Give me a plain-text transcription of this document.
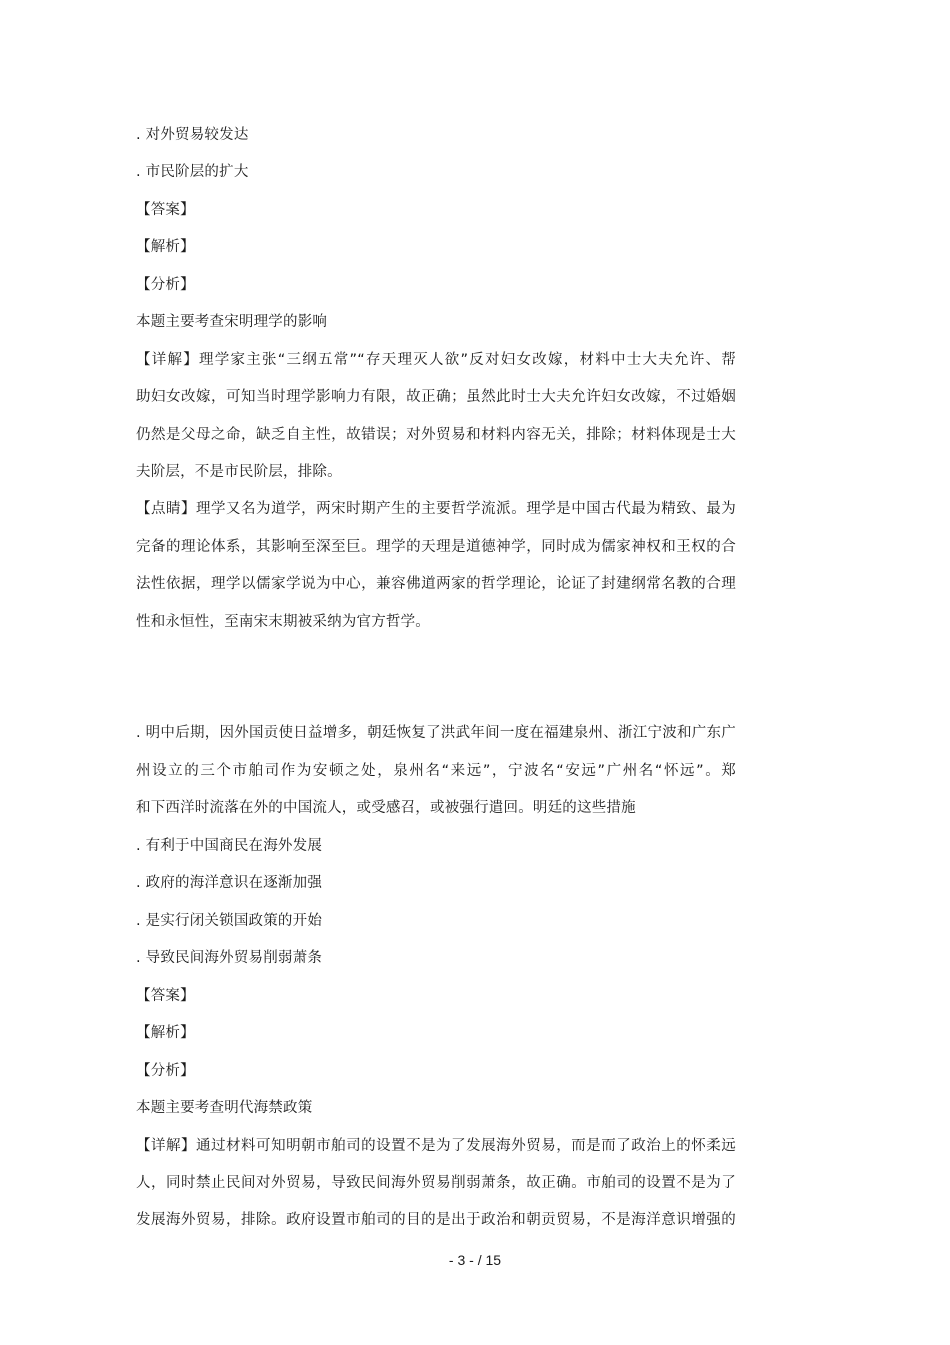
. 对外贸易较发达
. 市民阶层的扩大
【答案】
【解析】
【分析】
本题主要考查宋明理学的影响
【详解】理学家主张“三纲五常”“存天理灭人欲”反对妇女改嫁，材料中士大夫允许、帮
助妇女改嫁，可知当时理学影响力有限，故正确；虽然此时士大夫允许妇女改嫁，不过婚姻
仍然是父母之命，缺乏自主性，故错误；对外贸易和材料内容无关，排除；材料体现是士大
夫阶层，不是市民阶层，排除。
【点睛】理学又名为道学，两宋时期产生的主要哲学流派。理学是中国古代最为精致、最为
完备的理论体系，其影响至深至巨。理学的天理是道德神学，同时成为儒家神权和王权的合
法性依据，理学以儒家学说为中心，兼容佛道两家的哲学理论，论证了封建纲常名教的合理
性和永恒性，至南宋末期被采纳为官方哲学。
. 明中后期，因外国贡使日益增多，朝廷恢复了洪武年间一度在福建泉州、浙江宁波和广东广
州设立的三个市舶司作为安顿之处，泉州名“来远”，宁波名“安远”广州名“怀远”。郑
和下西洋时流落在外的中国流人，或受感召，或被强行遣回。明廷的这些措施
. 有利于中国商民在海外发展
. 政府的海洋意识在逐渐加强
. 是实行闭关锁国政策的开始
. 导致民间海外贸易削弱萧条
【答案】
【解析】
【分析】
本题主要考查明代海禁政策
【详解】通过材料可知明朝市舶司的设置不是为了发展海外贸易，而是而了政治上的怀柔远
人，同时禁止民间对外贸易，导致民间海外贸易削弱萧条，故正确。市舶司的设置不是为了
发展海外贸易，排除。政府设置市舶司的目的是出于政治和朝贡贸易，不是海洋意识增强的
- 3 - / 15
